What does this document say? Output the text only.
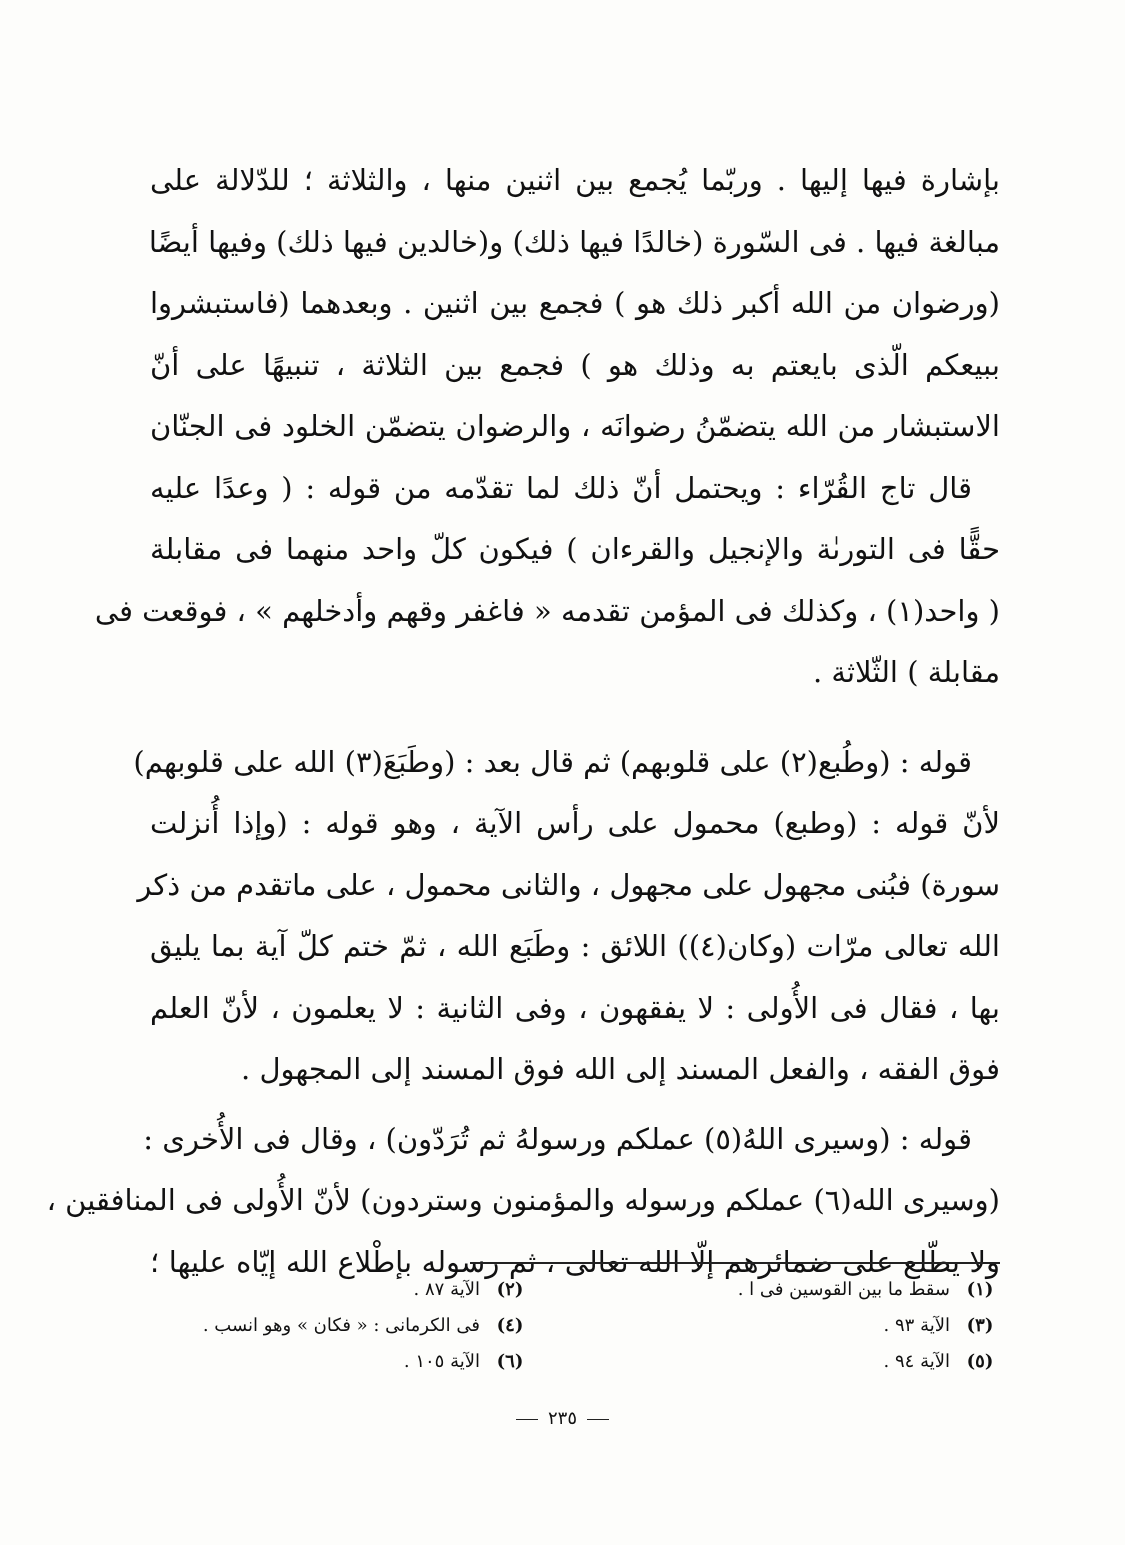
بإشارة فيها إليها . وربّما يُجمع بين اثنين منها ، والثلاثة ؛ للدّلالة على
مبالغة فيها . فى السّورة (خالدًا فيها ذلك) و(خالدين فيها ذلك) وفيها أيضًا
(ورضوان من الله أكبر ذلك هو ) فجمع بين اثنين . وبعدهما (فاستبشروا
ببيعكم الّذى بايعتم به وذلك هو ) فجمع بين الثلاثة ، تنبيهًا على أنّ
الاستبشار من الله يتضمّنُ رضوانَه ، والرضوان يتضمّن الخلود فى الجنّان
قال تاج القُرّاء : ويحتمل أنّ ذلك لما تقدّمه من قوله : ( وعدًا عليه
حقًّا فى التورىٰة والإنجيل والقرءان ) فيكون كلّ واحد منهما فى مقابلة
( واحد(١) ، وكذلك فى المؤمن تقدمه « فاغفر وقهم وأدخلهم » ، فوقعت فى
مقابلة ) الثّلاثة .
قوله : (وطُبع(٢) على قلوبهم) ثم قال بعد : (وطَبَعَ(٣) الله على قلوبهم)
لأنّ قوله : (وطبع) محمول على رأس الآية ، وهو قوله : (وإذا أُنزلت
سورة) فبُنى مجهول على مجهول ، والثانى محمول ، على ماتقدم من ذكر
الله تعالى مرّات (وكان(٤)) اللائق : وطَبَع الله ، ثمّ ختم كلّ آية بما يليق
بها ، فقال فى الأُولى : لا يفقهون ، وفى الثانية : لا يعلمون ، لأنّ العلم
فوق الفقه ، والفعل المسند إلى الله فوق المسند إلى المجهول .
قوله : (وسيرى اللهُ(٥) عملكم ورسولهُ ثم تُرَدّون) ، وقال فى الأُخرى :
(وسيرى الله(٦) عملكم ورسوله والمؤمنون وستردون) لأنّ الأُولى فى المنافقين ،
ولا يطّلع على ضمائرهم إلّا الله تعالى ، ثم رسوله بإطْلاع الله إيّاه عليها ؛
(١)
سقط ما بين القوسين فى ا .
(٢)
الآية ٨٧ .
(٣)
الآية ٩٣ .
(٤)
فى الكرمانى : « فكان » وهو انسب .
(٥)
الآية ٩٤ .
(٦)
الآية ١٠٥ .
٢٣٥
